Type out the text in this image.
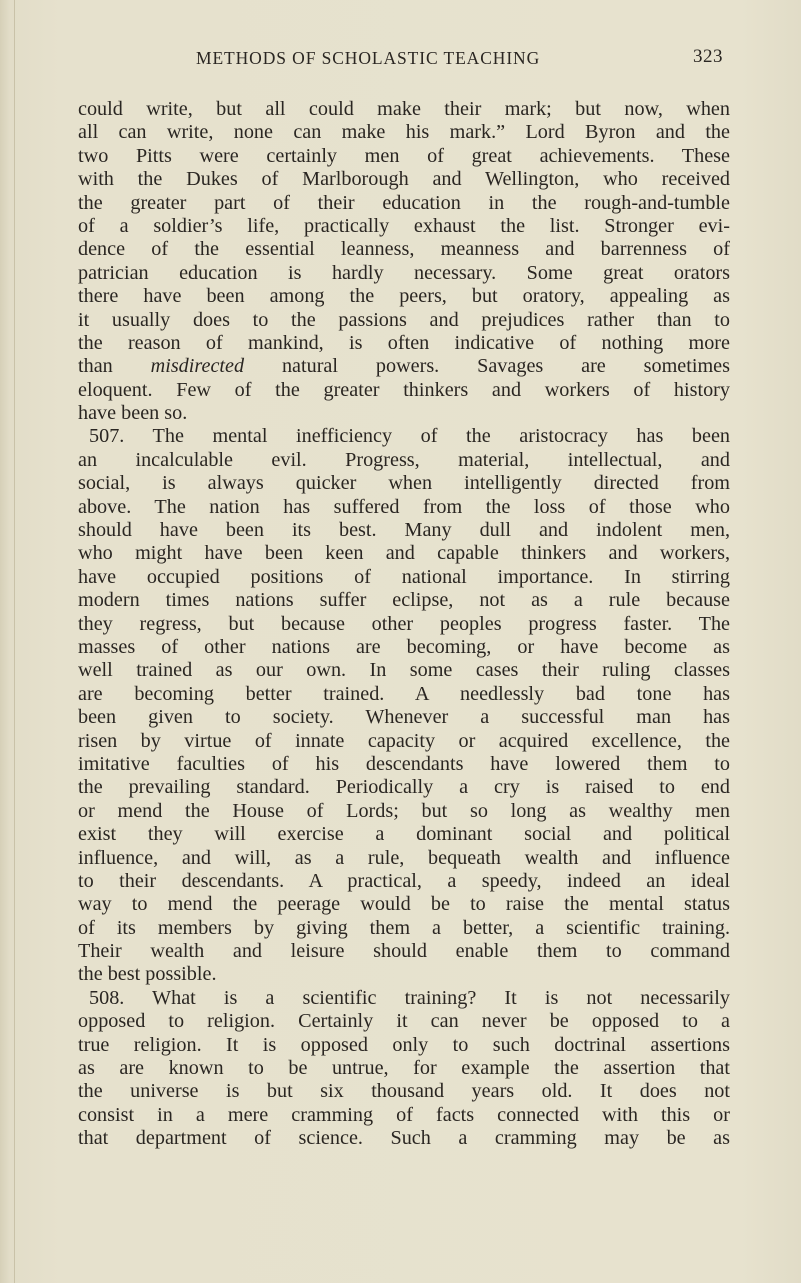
METHODS OF SCHOLASTIC TEACHING	323
could write, but all could make their mark; but now, when
all can write, none can make his mark.” Lord Byron and the
two Pitts were certainly men of great achievements. These
with the Dukes of Marlborough and Wellington, who received
the greater part of their education in the rough-and-tumble
of a soldier’s life, practically exhaust the list. Stronger evi-
dence of the essential leanness, meanness and barrenness of
patrician education is hardly necessary. Some great orators
there have been among the peers, but oratory, appealing as
it usually does to the passions and prejudices rather than to
the reason of mankind, is often indicative of nothing more
than misdirected natural powers. Savages are sometimes
eloquent. Few of the greater thinkers and workers of history
have been so.
507. The mental inefficiency of the aristocracy has been
an incalculable evil. Progress, material, intellectual, and
social, is always quicker when intelligently directed from
above. The nation has suffered from the loss of those who
should have been its best. Many dull and indolent men,
who might have been keen and capable thinkers and workers,
have occupied positions of national importance. In stirring
modern times nations suffer eclipse, not as a rule because
they regress, but because other peoples progress faster. The
masses of other nations are becoming, or have become as
well trained as our own. In some cases their ruling classes
are becoming better trained. A needlessly bad tone has
been given to society. Whenever a successful man has
risen by virtue of innate capacity or acquired excellence, the
imitative faculties of his descendants have lowered them to
the prevailing standard. Periodically a cry is raised to end
or mend the House of Lords; but so long as wealthy men
exist they will exercise a dominant social and political
influence, and will, as a rule, bequeath wealth and influence
to their descendants. A practical, a speedy, indeed an ideal
way to mend the peerage would be to raise the mental status
of its members by giving them a better, a scientific training.
Their wealth and leisure should enable them to command
the best possible.
508. What is a scientific training? It is not necessarily
opposed to religion. Certainly it can never be opposed to a
true religion. It is opposed only to such doctrinal assertions
as are known to be untrue, for example the assertion that
the universe is but six thousand years old. It does not
consist in a mere cramming of facts connected with this or
that department of science. Such a cramming may be as
